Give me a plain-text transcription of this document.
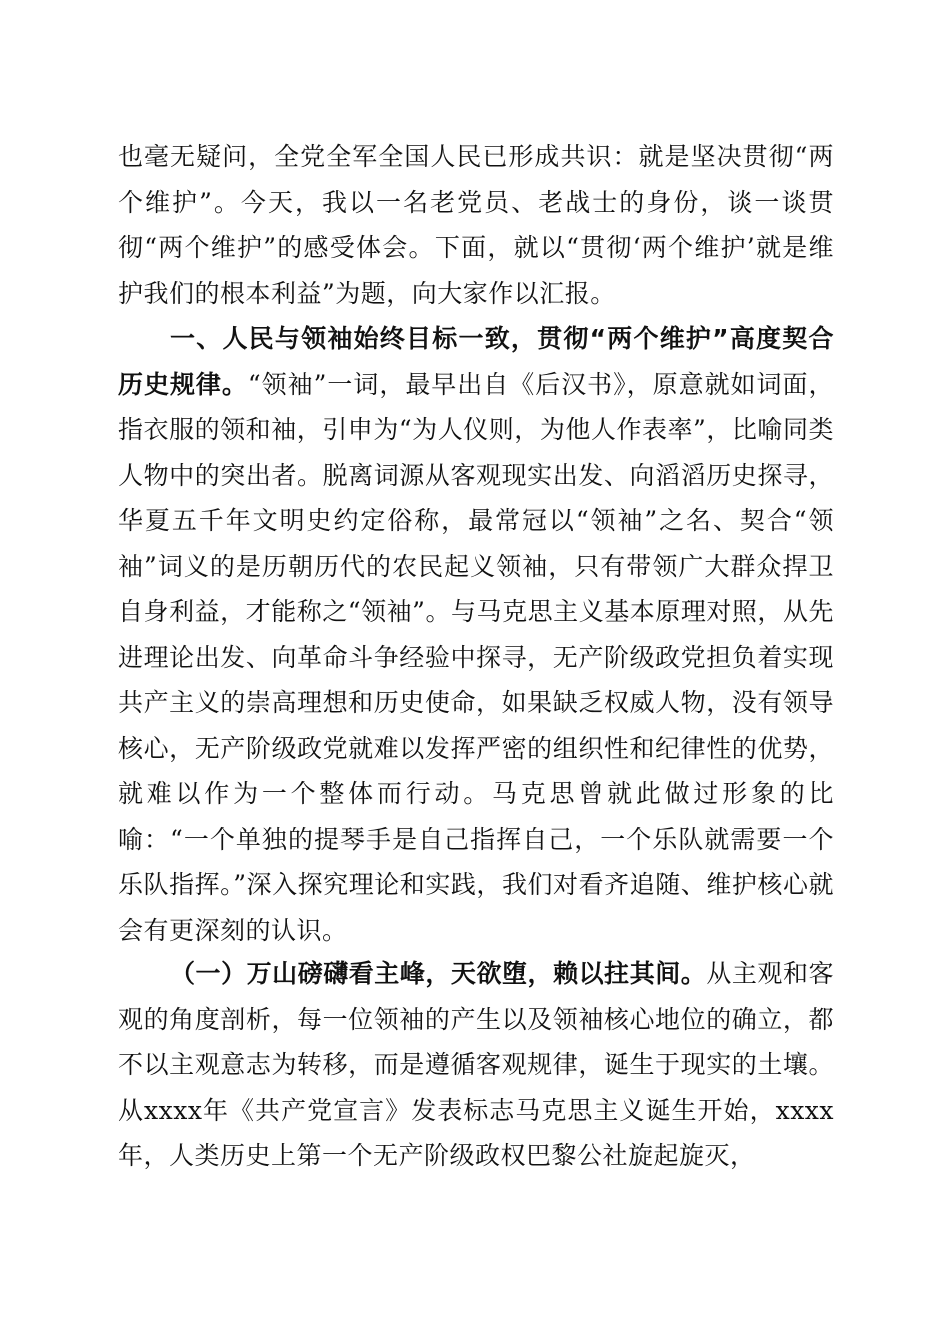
也毫无疑问，全党全军全国人民已形成共识：就是坚决贯彻“两个维护”。今天，我以一名老党员、老战士的身份，谈一谈贯彻“两个维护”的感受体会。下面，就以“贯彻‘两个维护’就是维护我们的根本利益”为题，向大家作以汇报。

一、人民与领袖始终目标一致，贯彻“两个维护”高度契合历史规律。“领袖”一词，最早出自《后汉书》，原意就如词面，指衣服的领和袖，引申为“为人仪则，为他人作表率”，比喻同类人物中的突出者。脱离词源从客观现实出发、向滔滔历史探寻，华夏五千年文明史约定俗称，最常冠以“领袖”之名、契合“领袖”词义的是历朝历代的农民起义领袖，只有带领广大群众捍卫自身利益，才能称之“领袖”。与马克思主义基本原理对照，从先进理论出发、向革命斗争经验中探寻，无产阶级政党担负着实现共产主义的崇高理想和历史使命，如果缺乏权威人物，没有领导核心，无产阶级政党就难以发挥严密的组织性和纪律性的优势，就难以作为一个整体而行动。马克思曾就此做过形象的比喻：“一个单独的提琴手是自己指挥自己，一个乐队就需要一个乐队指挥。”深入探究理论和实践，我们对看齐追随、维护核心就会有更深刻的认识。

（一）万山磅礴看主峰，天欲堕，赖以拄其间。从主观和客观的角度剖析，每一位领袖的产生以及领袖核心地位的确立，都不以主观意志为转移，而是遵循客观规律，诞生于现实的土壤。从xxxx年《共产党宣言》发表标志马克思主义诞生开始，xxxx年，人类历史上第一个无产阶级政权巴黎公社旋起旋灭，
